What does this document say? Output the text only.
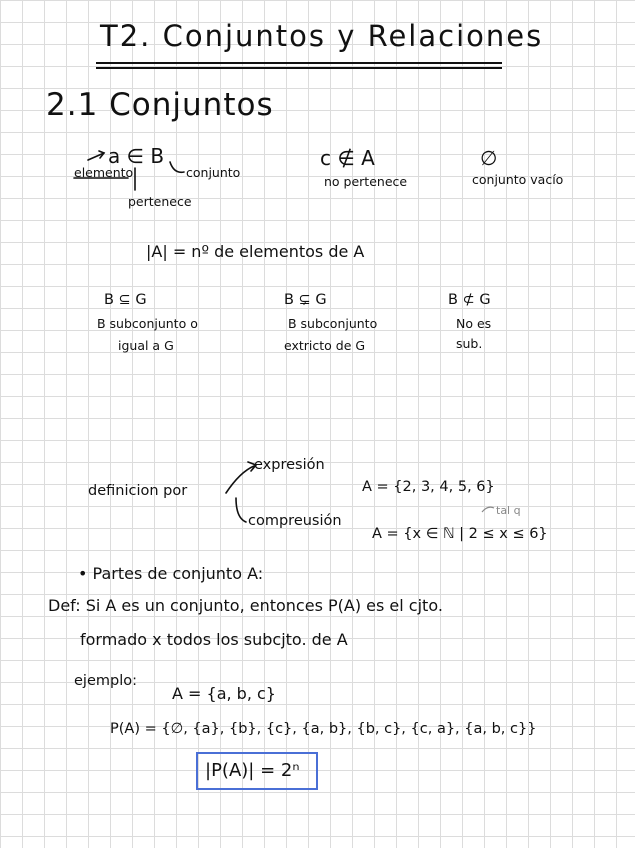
T2. Conjuntos y Relaciones
2.1 Conjuntos
a ∈ B
elemento	conjunto
pertenece
c ∉ A
no pertenece
∅
conjunto vacío
|A| = nº de elementos de A
B ⊆ G
B subconjunto o
igual a G
B ⊊ G
B subconjunto
extricto de G
B ⊄ G
No es
sub.
definicion por
expresión
A = {2, 3, 4, 5, 6}
compreusión
A = {x ∈ ℕ | 2 ≤ x ≤ 6}
tal q
• Partes de conjunto A:
Def: Si A es un conjunto, entonces P(A) es el cjto.
formado x todos los subcjto. de A
ejemplo:
A = {a, b, c}
P(A) = {∅, {a}, {b}, {c}, {a, b}, {b, c}, {c, a}, {a, b, c}}
|P(A)| = 2ⁿ
